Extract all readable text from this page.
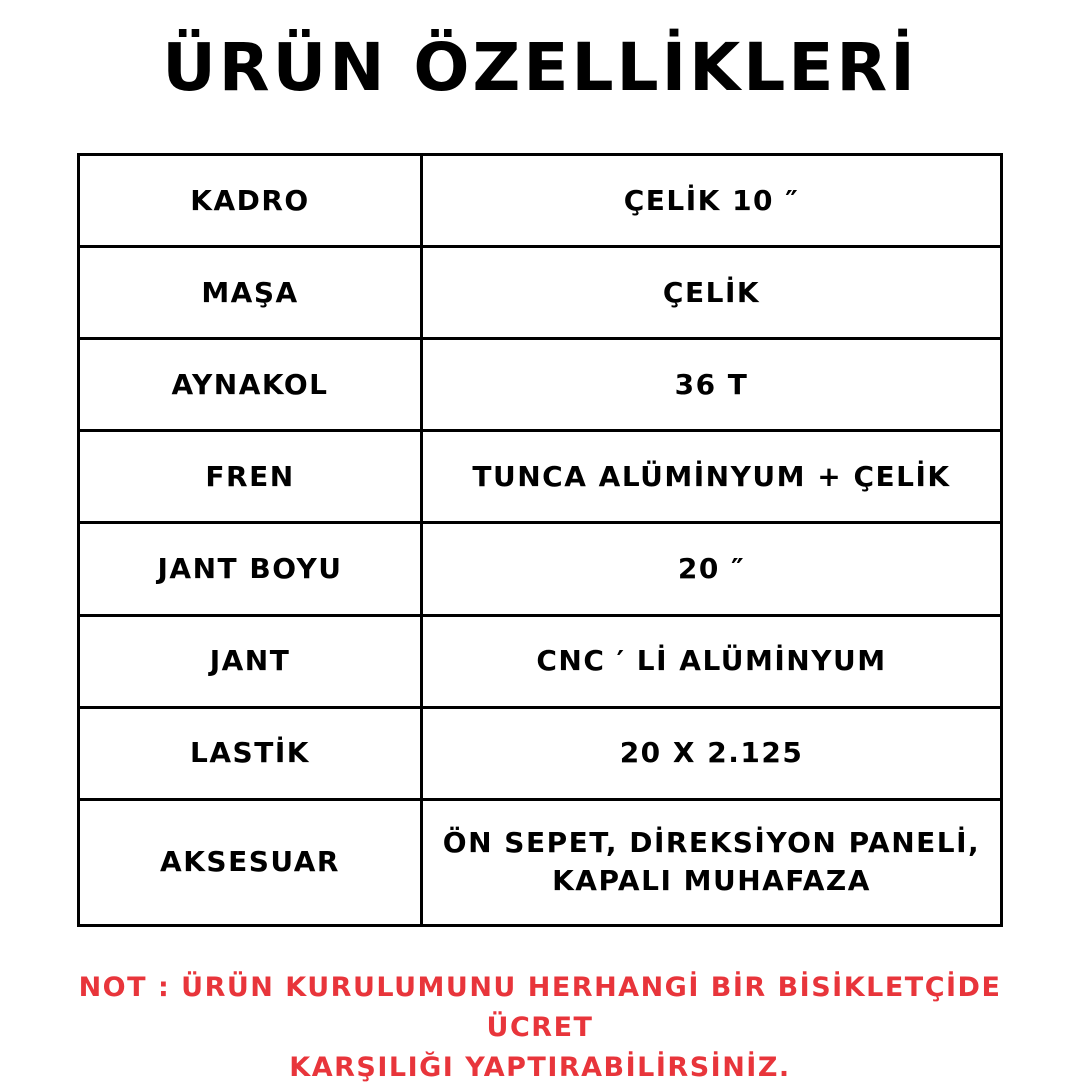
ÜRÜN ÖZELLİKLERİ
KADRO	ÇELİK 10 ″
MAŞA	ÇELİK
AYNAKOL	36 T
FREN	TUNCA ALÜMİNYUM + ÇELİK
JANT BOYU	20 ″
JANT	CNC ′ Lİ ALÜMİNYUM
LASTİK	20 X 2.125
AKSESUAR	ÖN SEPET, DİREKSİYON PANELİ,
KAPALI MUHAFAZA
NOT : ÜRÜN KURULUMUNU HERHANGİ BİR BİSİKLETÇİDE ÜCRET
KARŞILIĞI YAPTIRABİLİRSİNİZ.
